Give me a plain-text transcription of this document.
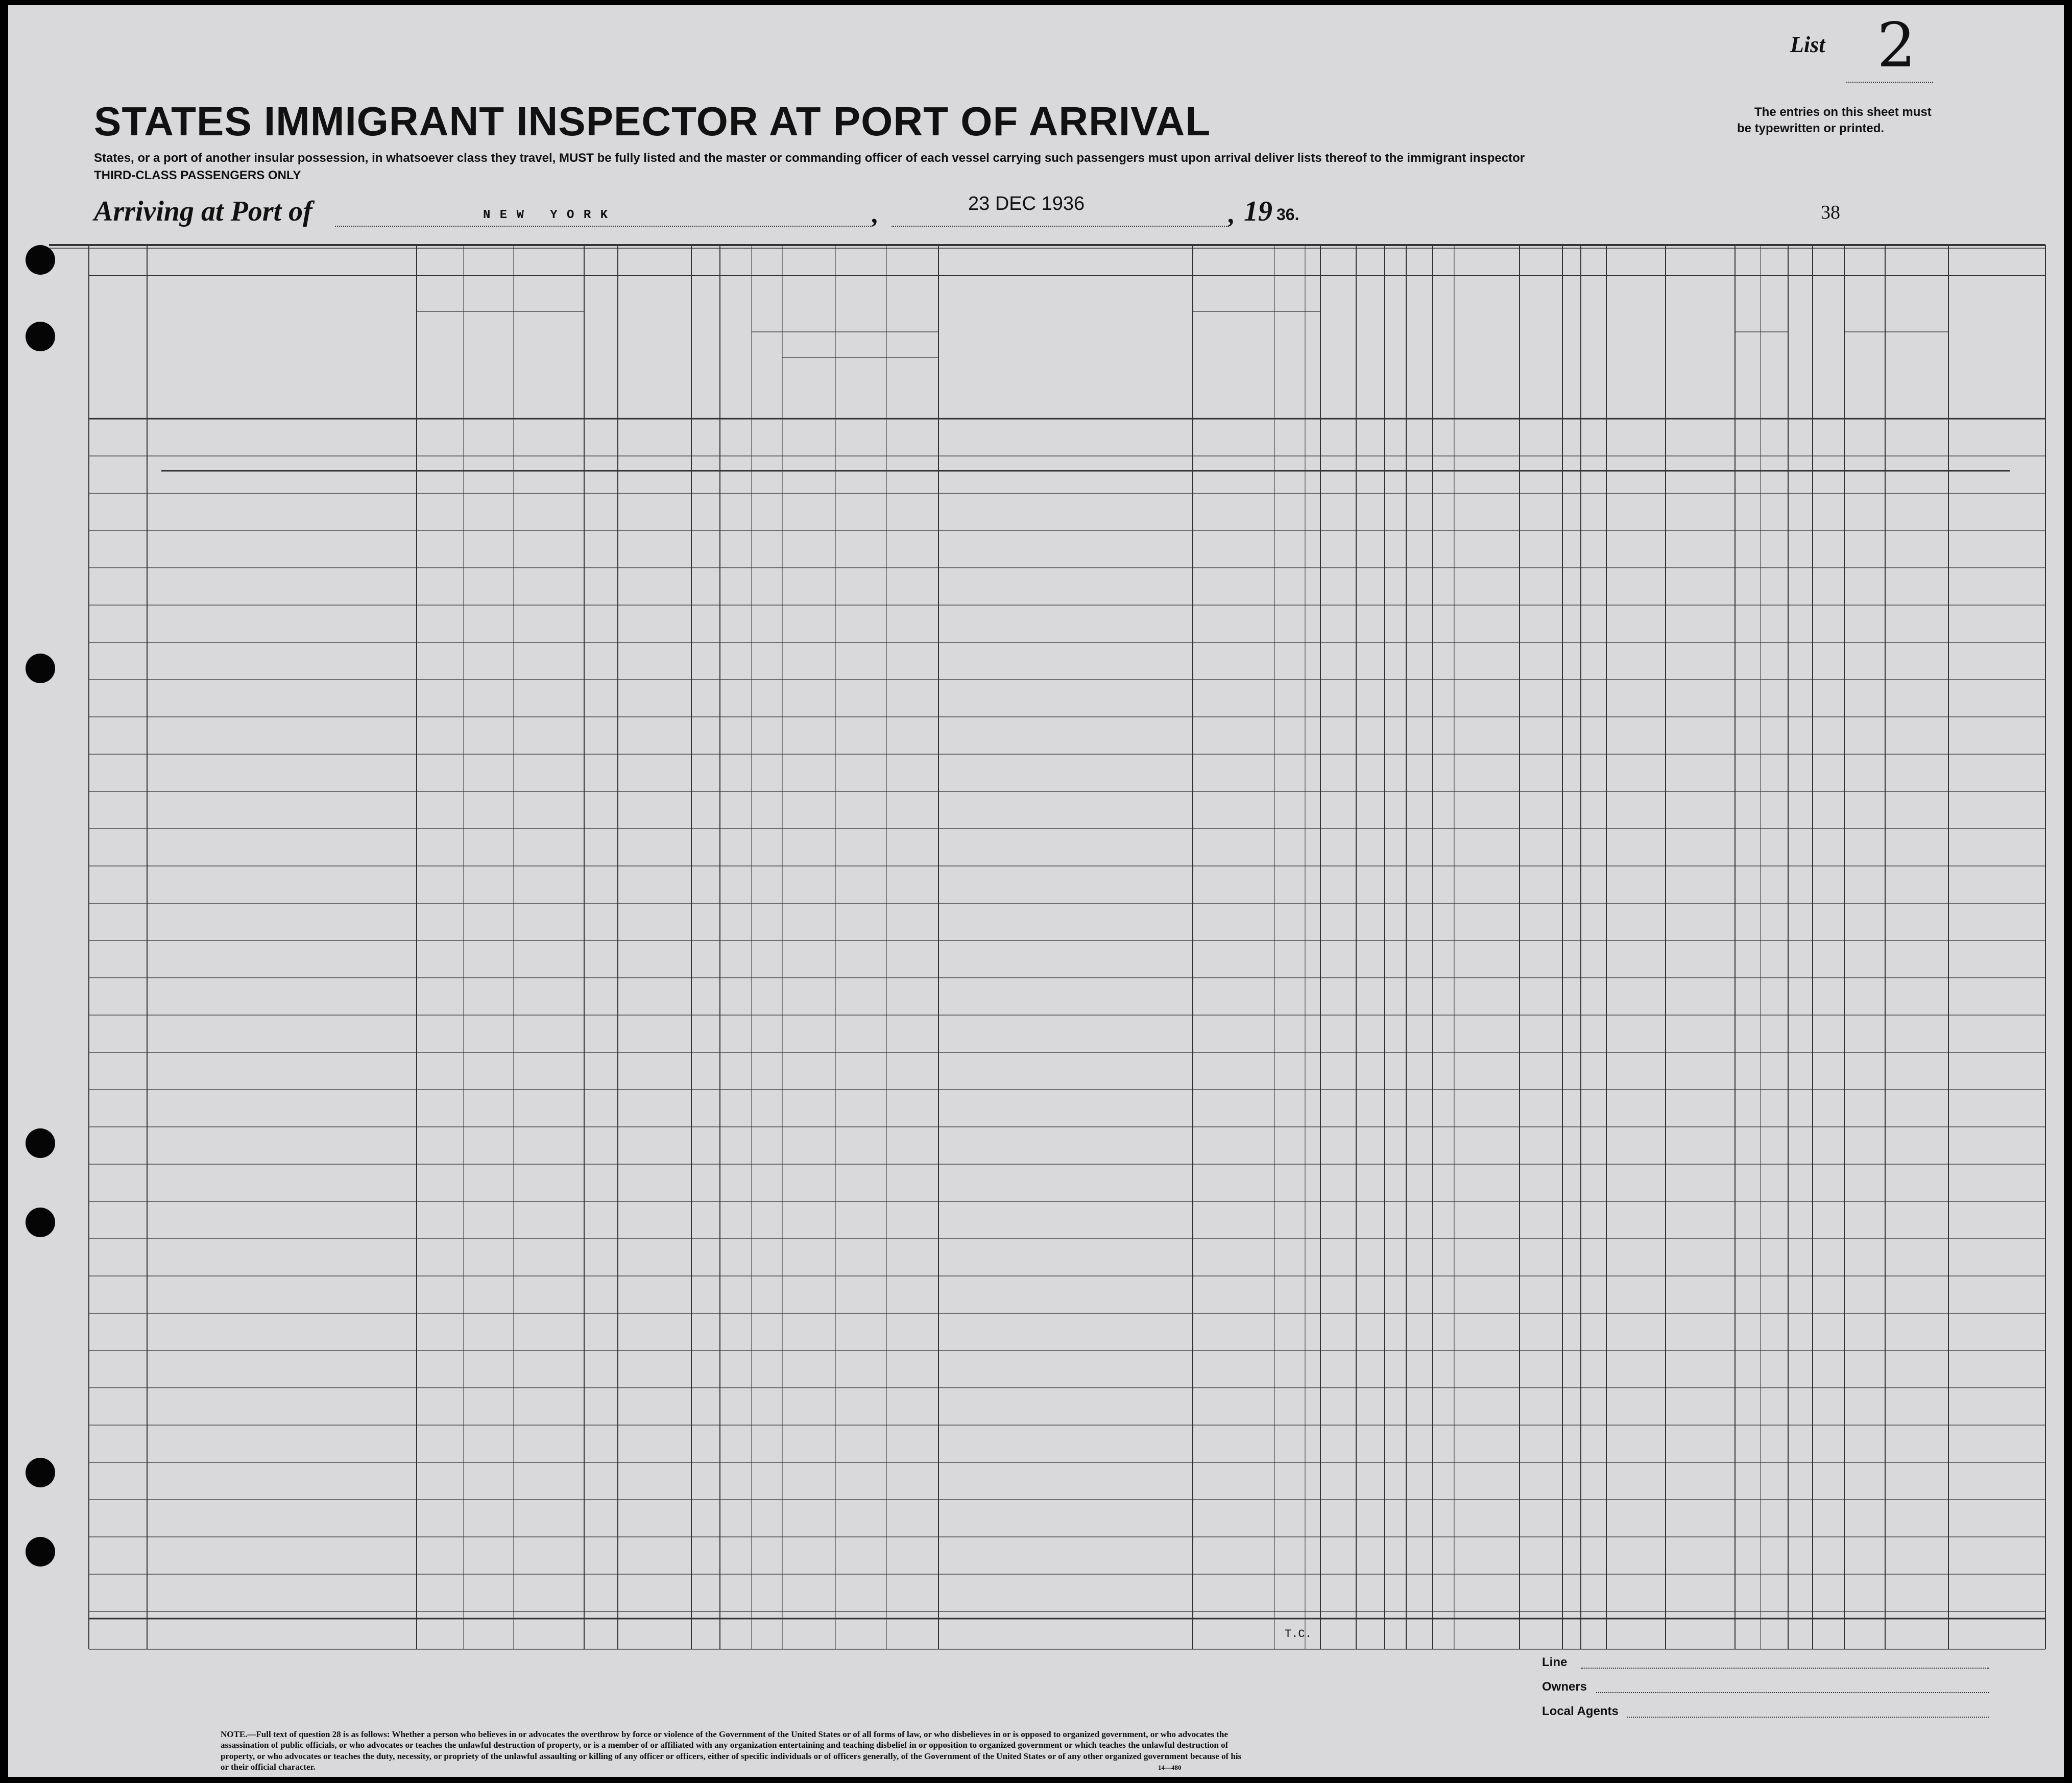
List 2
STATES IMMIGRANT INSPECTOR AT PORT OF ARRIVAL	The entries on this sheet must
be typewritten or printed.
States, or a port of another insular possession, in whatsoever class they travel, MUST be fully listed and the master or commanding officer of each vessel carrying such passengers must upon arrival deliver lists thereof to the immigrant inspector
THIRD-CLASS PASSENGERS ONLY
Arriving at Port of	N E W   Y O R K	,	23 DEC 1936	, 19 36.	38
T.C.
NOTE.—Full text of question 28 is as follows: Whether a person who believes in or advocates the overthrow by force or violence of the Government of the United States or of all forms of law, or who disbelieves in or is opposed to organized government, or who advocates the assassination of public officials, or who advocates or teaches the unlawful destruction of property, or is a member of or affiliated with any organization entertaining and teaching disbelief in or opposition to organized government or which teaches the unlawful destruction of property, or who advocates or teaches the duty, necessity, or propriety of the unlawful assaulting or killing of any officer or officers, either of specific individuals or of officers generally, of the Government of the United States or of any other organized government because of his or their official character.	14—480
Line
Owners
Local Agents
